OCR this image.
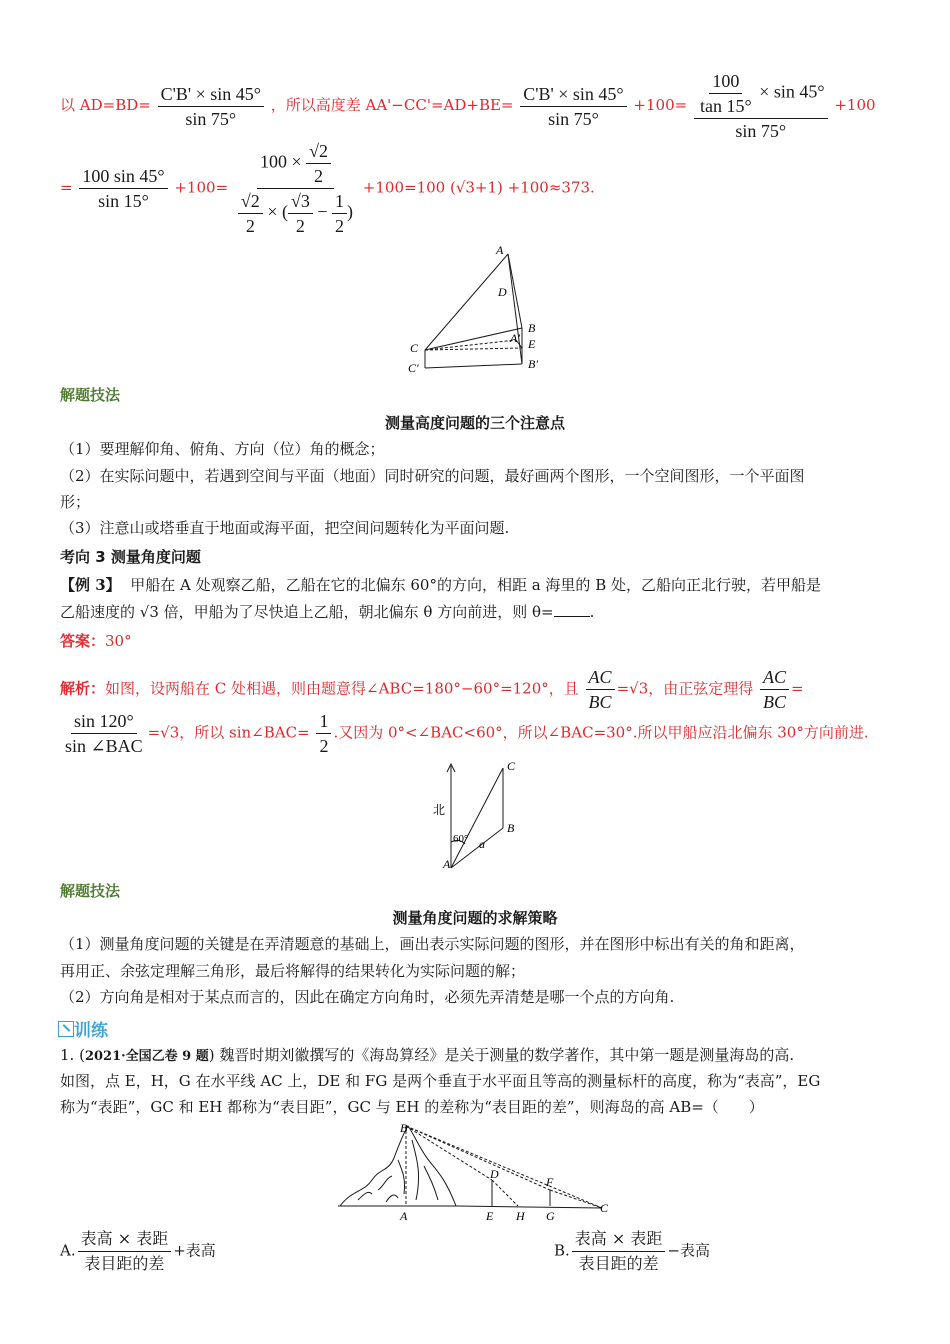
以 $AD=BD= \frac{C'B' \times \sin 45^\circ}{\sin 75^\circ}$ ，所以高度差 $AA'-CC'=AD+BE= \frac{C'B' \times \sin 45^\circ}{\sin 75^\circ} +100= \frac{\frac{100}{\tan 15^\circ} \times \sin 45^\circ}{\sin 75^\circ} +100$
= $\frac{100 \sin 45^\circ}{\sin 15^\circ} +100= \frac{100 \times \frac{√2}{2}}{\frac{√2}{2} \times ( \frac{√3}{2} - \frac{1}{2} )} +100=100$ (√3+1) +100≈373.
A
D
B
A' E
B'
C
C'
解题技法
测量高度问题的三个注意点
（1）要理解仰角、俯角、方向（位）角的概念；
（2）在实际问题中，若遇到空间与平面（地面）同时研究的问题，最好画两个图形，一个空间图形，一个平面图
形；
（3）注意山或塔垂直于地面或海平面，把空间问题转化为平面问题.
考向 3 测量角度问题
【例 3】 甲船在 A 处观察乙船，乙船在它的北偏东 60°的方向，相距 a 海里的 B 处，乙船向正北行驶，若甲船是
乙船速度的 √3 倍，甲船为了尽快追上乙船，朝北偏东 θ 方向前进，则 θ= .
答案：30°
解析：如图，设两船在 C 处相遇，则由题意得∠ABC=180°−60°=120°，且 $\frac{AC}{BC} =√3$，由正弦定理得 $\frac{AC}{BC}$ =
$\frac{\sin 120^\circ}{\text{sin ∠BAC}} =√3$，所以 sin∠BAC= $\frac{1}{2}$ .又因为 0°<∠BAC<60°，所以∠BAC=30°.所以甲船应沿北偏东 30°方向前进.
北
60°
C
B
A
a
解题技法
测量角度问题的求解策略
（1）测量角度问题的关键是在弄清题意的基础上，画出表示实际问题的图形，并在图形中标出有关的角和距离，
再用正、余弦定理解三角形，最后将解得的结果转化为实际问题的解；
（2）方向角是相对于某点而言的，因此在确定方向角时，必须先弄清楚是哪一个点的方向角.
训练
1. (2021·全国乙卷 9 题) 魏晋时期刘徽撰写的《海岛算经》是关于测量的数学著作，其中第一题是测量海岛的高.
如图，点 E，H，G 在水平线 AC 上，DE 和 FG 是两个垂直于水平面且等高的测量标杆的高度，称为“表高”，EG
称为“表距”，GC 和 EH 都称为“表目距”，GC 与 EH 的差称为“表目距的差”，则海岛的高 AB=（　　）
B
D
F
C
A	E H G
A. $\frac{\text{表高 × 表距}}{\text{表目距的差}}$ +表高	B. $\frac{\text{表高 × 表距}}{\text{表目距的差}}$ −表高
